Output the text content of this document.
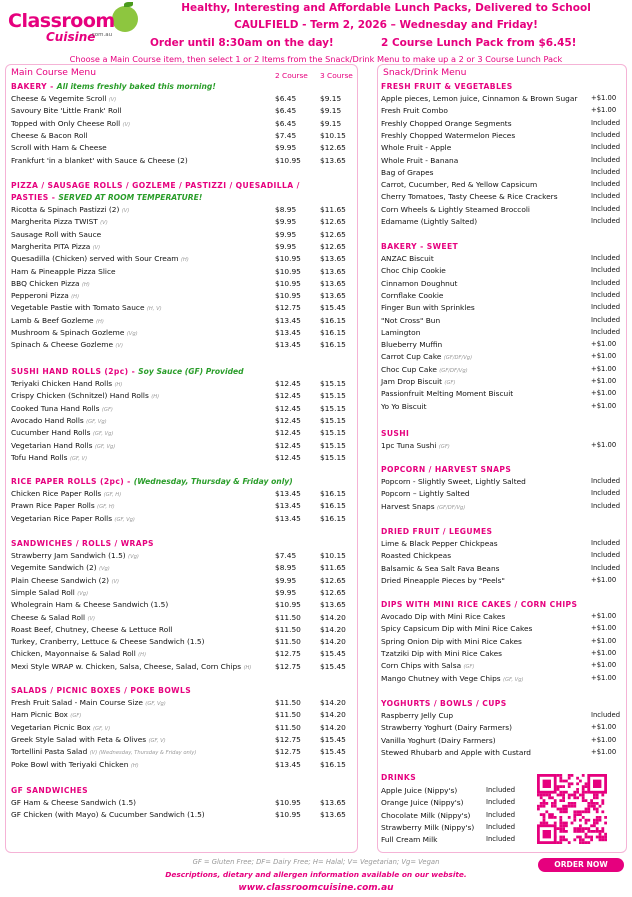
Classroom
Cuisine
.com.au
Healthy, Interesting and Affordable Lunch Packs, Delivered to School
CAULFIELD - Term 2, 2026 – Wednesday and Friday!
Order until 8:30am on the day!	2 Course Lunch Pack from $6.45!
Choose a Main Course item, then select 1 or 2 Items from the Snack/Drink Menu to make up a 2 or 3 Course Lunch Pack
Main Course Menu	2 Course 3 Course
BAKERY - All items freshly baked this morning!
Cheese & Vegemite Scroll (V)	$6.45	$9.15
Savoury Bite 'Little Frank' Roll	$6.45	$9.15
Topped with Only Cheese Roll (V)	$6.45	$9.15
Cheese & Bacon Roll	$7.45	$10.15
Scroll with Ham & Cheese	$9.95	$12.65
Frankfurt 'in a blanket' with Sauce & Cheese (2)	$10.95	$13.65
PIZZA / SAUSAGE ROLLS / GOZLEME / PASTIZZI / QUESADILLA /
PASTIES - SERVED AT ROOM TEMPERATURE!
Ricotta & Spinach Pastizzi (2) (V)	$8.95	$11.65
Margherita Pizza TWIST (V)	$9.95	$12.65
Sausage Roll with Sauce	$9.95	$12.65
Margherita PITA Pizza (V)	$9.95	$12.65
Quesadilla (Chicken) served with Sour Cream (H)	$10.95	$13.65
Ham & Pineapple Pizza Slice	$10.95	$13.65
BBQ Chicken Pizza (H)	$10.95	$13.65
Pepperoni Pizza (H)	$10.95	$13.65
Vegetable Pastie with Tomato Sauce (H, V)	$12.75	$15.45
Lamb & Beef Gozleme (H)	$13.45	$16.15
Mushroom & Spinach Gozleme (Vg)	$13.45	$16.15
Spinach & Cheese Gozleme (V)	$13.45	$16.15
SUSHI HAND ROLLS (2pc) - Soy Sauce (GF) Provided
Teriyaki Chicken Hand Rolls (H)	$12.45	$15.15
Crispy Chicken (Schnitzel) Hand Rolls (H)	$12.45	$15.15
Cooked Tuna Hand Rolls (GF)	$12.45	$15.15
Avocado Hand Rolls (GF, Vg)	$12.45	$15.15
Cucumber Hand Rolls (GF, Vg)	$12.45	$15.15
Vegetarian Hand Rolls (GF, Vg)	$12.45	$15.15
Tofu Hand Rolls (GF, V)	$12.45	$15.15
RICE PAPER ROLLS (2pc) - (Wednesday, Thursday & Friday only)
Chicken Rice Paper Rolls (GF, H)	$13.45	$16.15
Prawn Rice Paper Rolls (GF, H)	$13.45	$16.15
Vegetarian Rice Paper Rolls (GF, Vg)	$13.45	$16.15
SANDWICHES / ROLLS / WRAPS
Strawberry Jam Sandwich (1.5) (Vg)	$7.45	$10.15
Vegemite Sandwich (2) (Vg)	$8.95	$11.65
Plain Cheese Sandwich (2) (V)	$9.95	$12.65
Simple Salad Roll (Vg)	$9.95	$12.65
Wholegrain Ham & Cheese Sandwich (1.5)	$10.95	$13.65
Cheese & Salad Roll (V)	$11.50	$14.20
Roast Beef, Chutney, Cheese & Lettuce Roll	$11.50	$14.20
Turkey, Cranberry, Lettuce & Cheese Sandwich (1.5)	$11.50	$14.20
Chicken, Mayonnaise & Salad Roll (H)	$12.75	$15.45
Mexi Style WRAP w. Chicken, Salsa, Cheese, Salad, Corn Chips (H)	$12.75	$15.45
SALADS / PICNIC BOXES / POKE BOWLS
Fresh Fruit Salad - Main Course Size (GF, Vg)	$11.50	$14.20
Ham Picnic Box (GF)	$11.50	$14.20
Vegetarian Picnic Box (GF, V)	$11.50	$14.20
Greek Style Salad with Feta & Olives (GF, V)	$12.75	$15.45
Tortellini Pasta Salad (V) (Wednesday, Thursday & Friday only)	$12.75	$15.45
Poke Bowl with Teriyaki Chicken (H)	$13.45	$16.15
GF SANDWICHES
GF Ham & Cheese Sandwich (1.5)	$10.95	$13.65
GF Chicken (with Mayo) & Cucumber Sandwich (1.5)	$10.95	$13.65
Snack/Drink Menu
FRESH FRUIT & VEGETABLES
Apple pieces, Lemon juice, Cinnamon & Brown Sugar +$1.00
Fresh Fruit Combo	+$1.00
Freshly Chopped Orange Segments	Included
Freshly Chopped Watermelon Pieces	Included
Whole Fruit - Apple	Included
Whole Fruit - Banana	Included
Bag of Grapes	Included
Carrot, Cucumber, Red & Yellow Capsicum	Included
Cherry Tomatoes, Tasty Cheese & Rice Crackers	Included
Corn Wheels & Lightly Steamed Broccoli	Included
Edamame (Lightly Salted)	Included
BAKERY - SWEET
ANZAC Biscuit	Included
Choc Chip Cookie	Included
Cinnamon Doughnut	Included
Cornflake Cookie	Included
Finger Bun with Sprinkles	Included
"Not Cross" Bun	Included
Lamington	Included
Blueberry Muffin	+$1.00
Carrot Cup Cake (GF/DF/Vg)	+$1.00
Choc Cup Cake (GF/DF/Vg)	+$1.00
Jam Drop Biscuit (GF)	+$1.00
Passionfruit Melting Moment Biscuit	+$1.00
Yo Yo Biscuit	+$1.00
SUSHI
1pc Tuna Sushi (GF)	+$1.00
POPCORN / HARVEST SNAPS
Popcorn - Slightly Sweet, Lightly Salted	Included
Popcorn – Lightly Salted	Included
Harvest Snaps (GF/DF/Vg)	Included
DRIED FRUIT / LEGUMES
Lime & Black Pepper Chickpeas	Included
Roasted Chickpeas	Included
Balsamic & Sea Salt Fava Beans	Included
Dried Pineapple Pieces by "Peels"	+$1.00
DIPS WITH MINI RICE CAKES / CORN CHIPS
Avocado Dip with Mini Rice Cakes	+$1.00
Spicy Capsicum Dip with Mini Rice Cakes	+$1.00
Spring Onion Dip with Mini Rice Cakes	+$1.00
Tzatziki Dip with Mini Rice Cakes	+$1.00
Corn Chips with Salsa (GF)	+$1.00
Mango Chutney with Vege Chips (GF, Vg)	+$1.00
YOGHURTS / BOWLS / CUPS
Raspberry Jelly Cup	Included
Strawberry Yoghurt (Dairy Farmers)	+$1.00
Vanilla Yoghurt (Dairy Farmers)	+$1.00
Stewed Rhubarb and Apple with Custard	+$1.00
DRINKS
Apple Juice (Nippy's)	Included
Orange Juice (Nippy's)	Included
Chocolate Milk (Nippy's) Included
Strawberry Milk (Nippy's) Included
Full Cream Milk	Included
ORDER NOW
GF = Gluten Free; DF= Dairy Free; H= Halal; V= Vegetarian; Vg= Vegan
Descriptions, dietary and allergen information available on our website.
www.classroomcuisine.com.au
